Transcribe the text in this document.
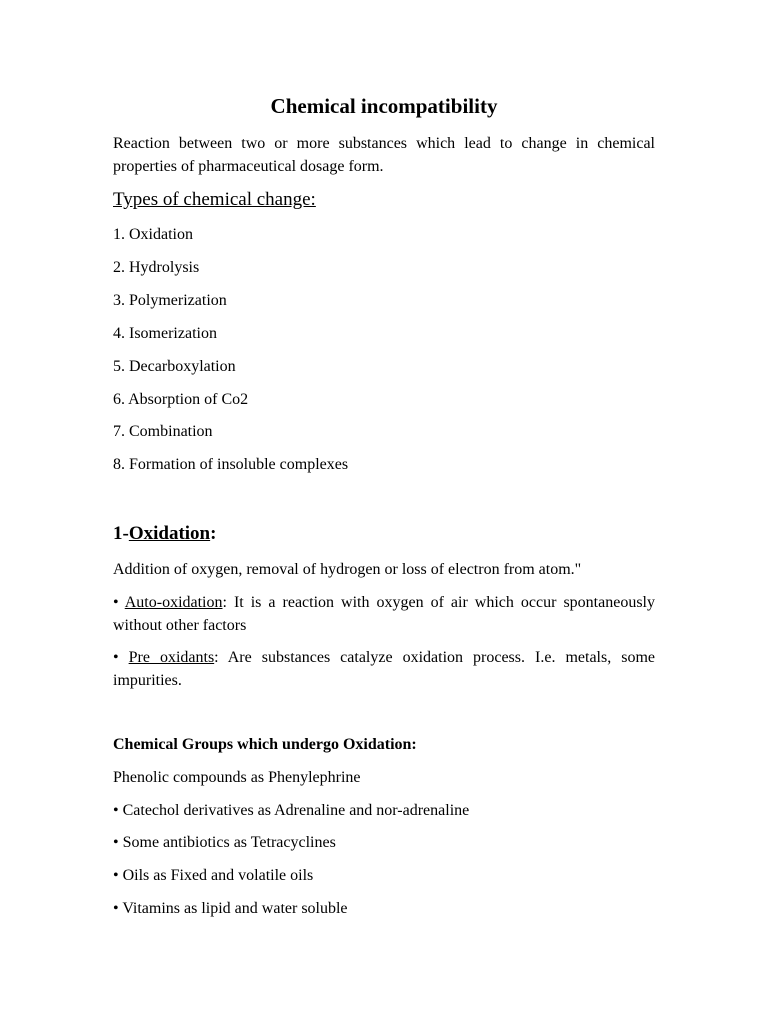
Chemical incompatibility
Reaction between two or more substances which lead to change in chemical properties of pharmaceutical dosage form.
Types of chemical change:
1. Oxidation
2. Hydrolysis
3. Polymerization
4. Isomerization
5. Decarboxylation
6. Absorption of Co2
7. Combination
8. Formation of insoluble complexes
1-Oxidation:
Addition of oxygen, removal of hydrogen or loss of electron from atom."
• Auto-oxidation: It is a reaction with oxygen of air which occur spontaneously without other factors
• Pre oxidants: Are substances catalyze oxidation process. I.e. metals, some impurities.
Chemical Groups which undergo Oxidation:
Phenolic compounds as Phenylephrine
• Catechol derivatives as Adrenaline and nor-adrenaline
• Some antibiotics as Tetracyclines
• Oils as Fixed and volatile oils
• Vitamins as lipid and water soluble
